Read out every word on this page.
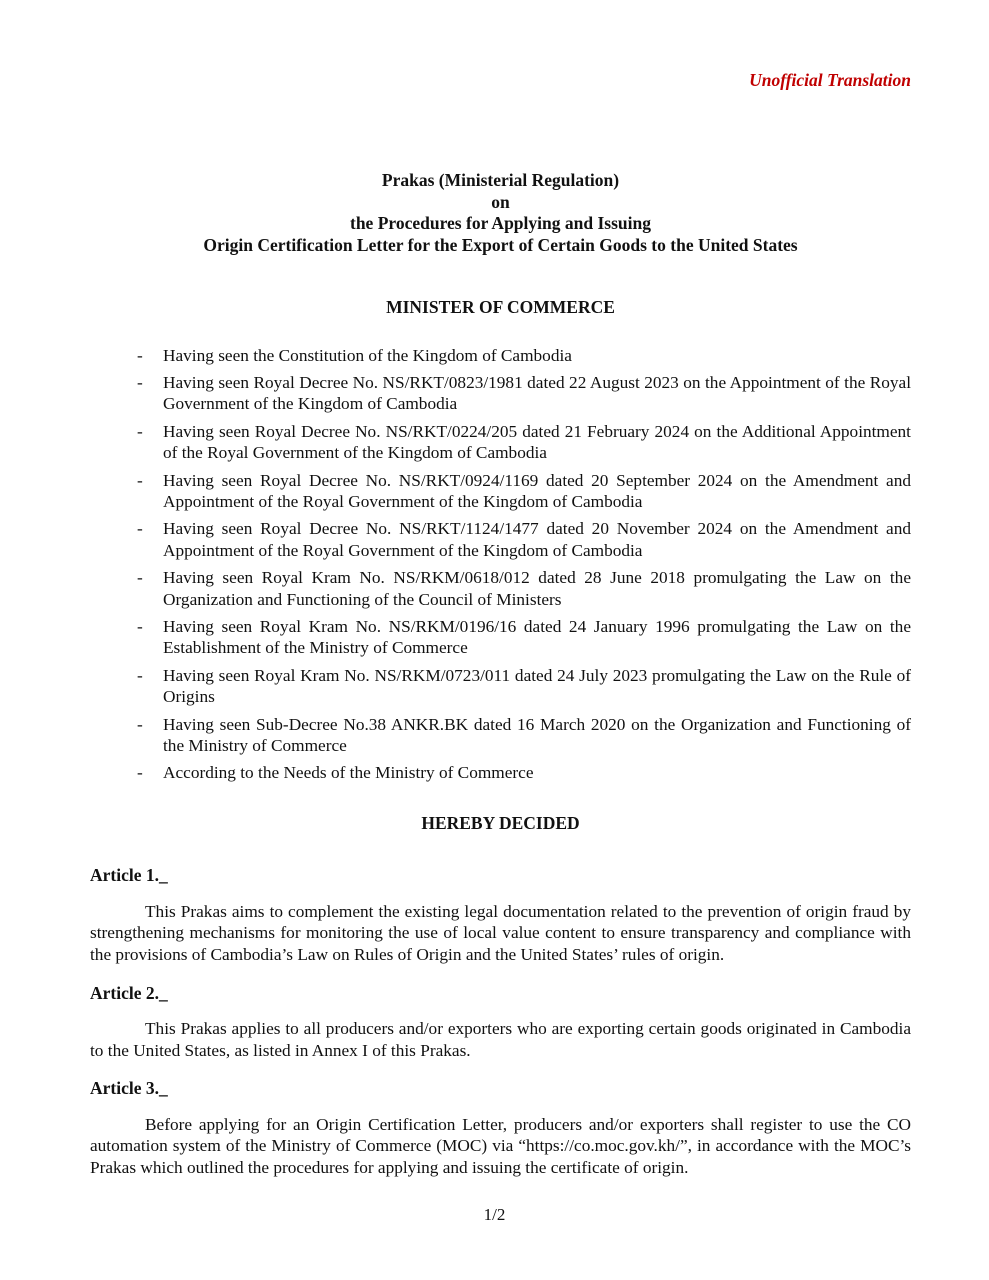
Unofficial Translation
Prakas (Ministerial Regulation)
on
the Procedures for Applying and Issuing
Origin Certification Letter for the Export of Certain Goods to the United States
MINISTER OF COMMERCE
-	Having seen the Constitution of the Kingdom of Cambodia
-	Having seen Royal Decree No. NS/RKT/0823/1981 dated 22 August 2023 on the Appointment of the Royal Government of the Kingdom of Cambodia
-	Having seen Royal Decree No. NS/RKT/0224/205 dated 21 February 2024 on the Additional Appointment of the Royal Government of the Kingdom of Cambodia
-	Having seen Royal Decree No. NS/RKT/0924/1169 dated 20 September 2024 on the Amendment and Appointment of the Royal Government of the Kingdom of Cambodia
-	Having seen Royal Decree No. NS/RKT/1124/1477 dated 20 November 2024 on the Amendment and Appointment of the Royal Government of the Kingdom of Cambodia
-	Having seen Royal Kram No. NS/RKM/0618/012 dated 28 June 2018 promulgating the Law on the Organization and Functioning of the Council of Ministers
-	Having seen Royal Kram No. NS/RKM/0196/16 dated 24 January 1996 promulgating the Law on the Establishment of the Ministry of Commerce
-	Having seen Royal Kram No. NS/RKM/0723/011 dated 24 July 2023 promulgating the Law on the Rule of Origins
-	Having seen Sub-Decree No.38 ANKR.BK dated 16 March 2020 on the Organization and Functioning of the Ministry of Commerce
-	According to the Needs of the Ministry of Commerce
HEREBY DECIDED
Article 1._

This Prakas aims to complement the existing legal documentation related to the prevention of origin fraud by strengthening mechanisms for monitoring the use of local value content to ensure transparency and compliance with the provisions of Cambodia’s Law on Rules of Origin and the United States’ rules of origin.

Article 2._

This Prakas applies to all producers and/or exporters who are exporting certain goods originated in Cambodia to the United States, as listed in Annex I of this Prakas.

Article 3._

Before applying for an Origin Certification Letter, producers and/or exporters shall register to use the CO automation system of the Ministry of Commerce (MOC) via “https://co.moc.gov.kh/”, in accordance with the MOC’s Prakas which outlined the procedures for applying and issuing the certificate of origin.

1/2
